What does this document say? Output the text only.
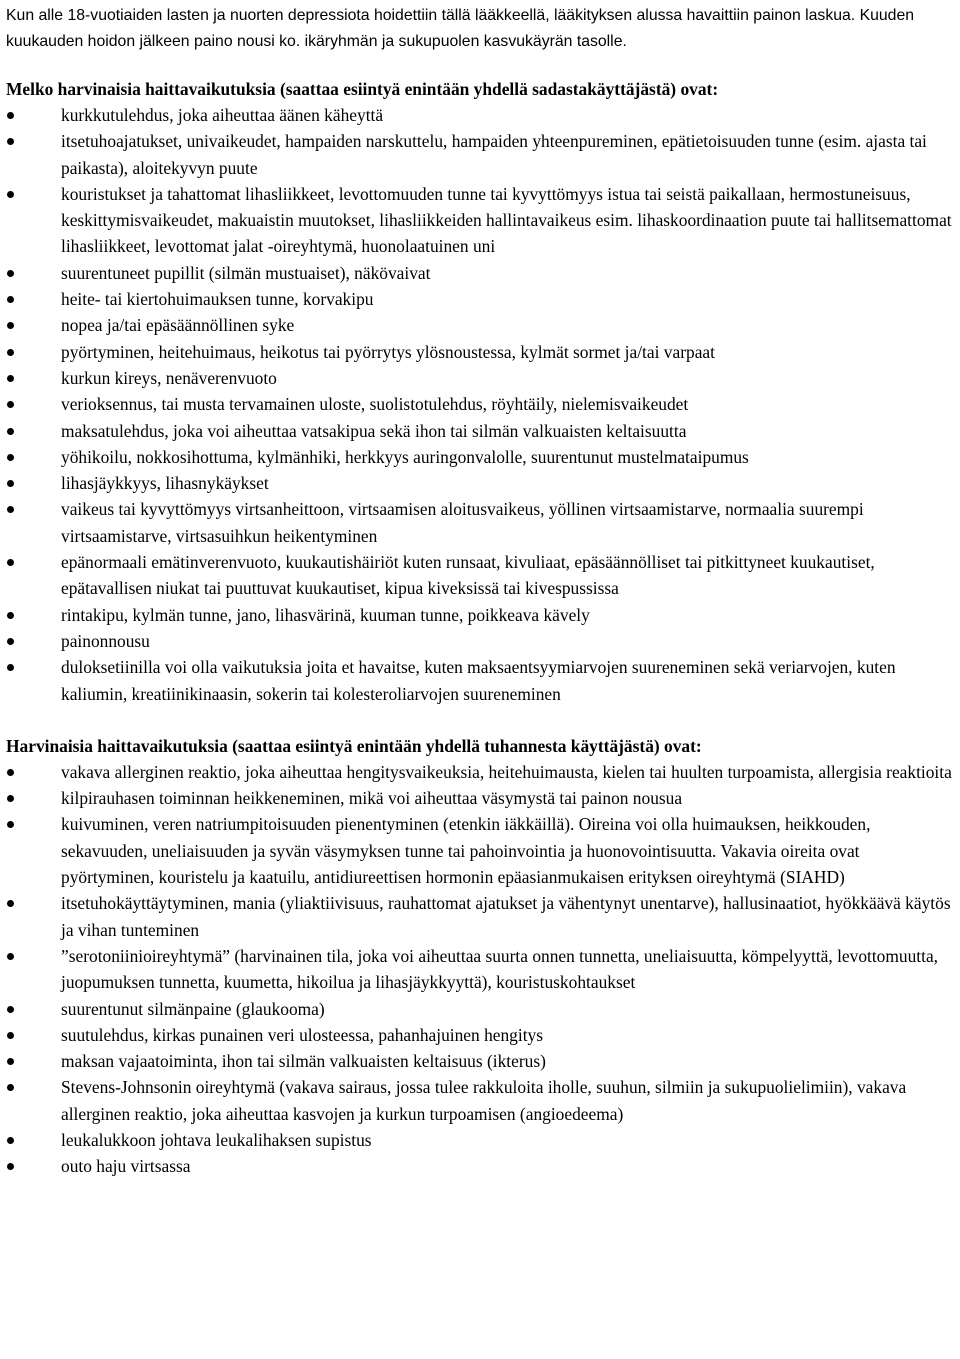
Kun alle 18-vuotiaiden lasten ja nuorten depressiota hoidettiin tällä lääkkeellä, lääkityksen alussa havaittiin painon laskua. Kuuden kuukauden hoidon jälkeen paino nousi ko. ikäryhmän ja sukupuolen kasvukäyrän tasolle.

Melko harvinaisia haittavaikutuksia (saattaa esiintyä enintään yhdellä sadastakäyttäjästä) ovat:
kurkkutulehdus, joka aiheuttaa äänen käheyttä
itsetuhoajatukset, univaikeudet, hampaiden narskuttelu, hampaiden yhteenpureminen, epätietoisuuden tunne (esim. ajasta tai paikasta), aloitekyvyn puute
kouristukset ja tahattomat lihasliikkeet, levottomuuden tunne tai kyvyttömyys istua tai seistä paikallaan, hermostuneisuus, keskittymisvaikeudet, makuaistin muutokset, lihasliikkeiden hallintavaikeus esim. lihaskoordinaation puute tai hallitsemattomat lihasliikkeet, levottomat jalat -oireyhtymä, huonolaatuinen uni
suurentuneet pupillit (silmän mustuaiset), näkövaivat
heite- tai kiertohuimauksen tunne, korvakipu
nopea ja/tai epäsäännöllinen syke
pyörtyminen, heitehuimaus, heikotus tai pyörrytys ylösnoustessa, kylmät sormet ja/tai varpaat
kurkun kireys, nenäverenvuoto
verioksennus, tai musta tervamainen uloste, suolistotulehdus, röyhtäily, nielemisvaikeudet
maksatulehdus, joka voi aiheuttaa vatsakipua sekä ihon tai silmän valkuaisten keltaisuutta
yöhikoilu, nokkosihottuma, kylmänhiki, herkkyys auringonvalolle, suurentunut mustelmataipumus
lihasjäykkyys, lihasnykäykset
vaikeus tai kyvyttömyys virtsanheittoon, virtsaamisen aloitusvaikeus, yöllinen virtsaamistarve, normaalia suurempi virtsaamistarve, virtsasuihkun heikentyminen
epänormaali emätinverenvuoto, kuukautishäiriöt kuten runsaat, kivuliaat, epäsäännölliset tai pitkittyneet kuukautiset, epätavallisen niukat tai puuttuvat kuukautiset, kipua kiveksissä tai kivespussissa
rintakipu, kylmän tunne, jano, lihasvärinä, kuuman tunne, poikkeava kävely
painonnousu
duloksetiinilla voi olla vaikutuksia joita et havaitse, kuten maksaentsyymiarvojen suureneminen sekä veriarvojen, kuten kaliumin, kreatiinikinaasin, sokerin tai kolesteroliarvojen suureneminen
Harvinaisia haittavaikutuksia (saattaa esiintyä enintään yhdellä tuhannesta käyttäjästä) ovat:
vakava allerginen reaktio, joka aiheuttaa hengitysvaikeuksia, heitehuimausta, kielen tai huulten turpoamista, allergisia reaktioita
kilpirauhasen toiminnan heikkeneminen, mikä voi aiheuttaa väsymystä tai painon nousua
kuivuminen, veren natriumpitoisuuden pienentyminen (etenkin iäkkäillä). Oireina voi olla huimauksen, heikkouden, sekavuuden, uneliaisuuden ja syvän väsymyksen tunne tai pahoinvointia ja huonovointisuutta. Vakavia oireita ovat pyörtyminen, kouristelu ja kaatuilu, antidiureettisen hormonin epäasianmukaisen erityksen oireyhtymä (SIAHD)
itsetuhokäyttäytyminen, mania (yliaktiivisuus, rauhattomat ajatukset ja vähentynyt unentarve), hallusinaatiot, hyökkäävä käytös ja vihan tunteminen
”serotoniinioireyhtymä” (harvinainen tila, joka voi aiheuttaa suurta onnen tunnetta, uneliaisuutta, kömpelyyttä, levottomuutta, juopumuksen tunnetta, kuumetta, hikoilua ja lihasjäykkyyttä), kouristuskohtaukset
suurentunut silmänpaine (glaukooma)
suutulehdus, kirkas punainen veri ulosteessa, pahanhajuinen hengitys
maksan vajaatoiminta, ihon tai silmän valkuaisten keltaisuus (ikterus)
Stevens-Johnsonin oireyhtymä (vakava sairaus, jossa tulee rakkuloita iholle, suuhun, silmiin ja sukupuolielimiin), vakava allerginen reaktio, joka aiheuttaa kasvojen ja kurkun turpoamisen (angioedeema)
leukalukkoon johtava leukalihaksen supistus
outo haju virtsassa
